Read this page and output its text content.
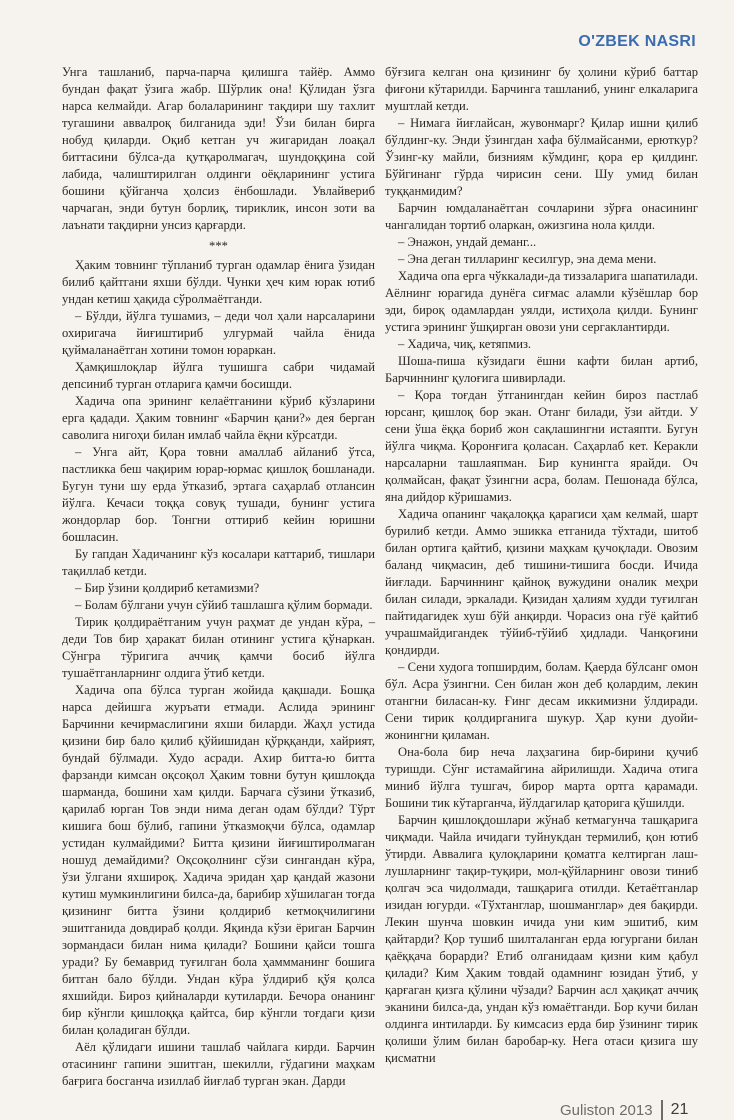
O'ZBEK NASRI

Унга ташланиб, парча-парча қилишга тайёр. Аммо бундан фақат ўзига жабр. Шўрлик она! Қўлидан ўзга нарса келмайди. Агар болаларининг тақдири шу тахлит тугашини аввалроқ билганида эди! Ўзи билан бирга нобуд қиларди. Оқиб кетган уч жигаридан лоақал биттасини бўлса-да қутқаролмагач, шундоққина сой лабида, чалиштирилган олдинги оёқларининг устига бошини қўйганча ҳолсиз ёнбошлади. Увлайвериб чарчаган, энди бутун борлиқ, тириклик, инсон зоти ва лаънати тақдирни унсиз қарғарди.

***

Ҳаким товнинг тўпланиб турган одамлар ёнига ўзидан билиб қайтгани яхши бўлди. Чунки ҳеч ким юрак ютиб ундан кетиш ҳақида сўролмаётганди.

– Бўлди, йўлга тушамиз, – деди чол ҳали нарсаларини охиригача йиғиштириб улгурмай чайла ёнида қуймаланаётган хотини томон юраркан.

Ҳамқишлоқлар йўлга тушишга сабри чидамай депсиниб турган отларига қамчи босишди.

Хадича опа эрининг келаётганини кўриб кўзларини ерга қадади. Ҳаким товнинг «Барчин қани?» дея берган саволига нигоҳи билан имлаб чайла ёқни кўрсатди.

– Унга айт, Қора товни амаллаб айланиб ўтса, пастликка беш чақирим юрар-юрмас қишлоқ бошланади. Бугун туни шу ерда ўтказиб, эртага саҳарлаб отлансин йўлга. Кечаси тоққа совуқ тушади, бунинг устига жондорлар бор. Тонгни оттириб кейин юришни бошласин.

Бу гапдан Хадичанинг кўз косалари каттариб, тишлари тақиллаб кетди.

– Бир ўзини қолдириб кетамизми?

– Болам бўлгани учун сўйиб ташлашга қўлим бормади.

Тирик қолдираётганим учун раҳмат де ундан кўра, – деди Тов бир ҳаракат билан отининг устига қўнаркан. Сўнгра тўригига аччиқ қамчи босиб йўлга тушаётганларнинг олдига ўтиб кетди.

Хадича опа бўлса турган жойида қақшади. Бошқа нарса дейишга журъати етмади. Аслида эрининг Барчинни кечирмаслигини яхши биларди. Жаҳл устида қизини бир бало қилиб қўйишидан қўрққанди, хайрият, бундай бўлмади. Худо асради. Ахир битта-ю битта фарзанди кимсан оқсоқол Ҳаким товни бутун қишлоқда шарманда, бошини хам қилди. Барчага сўзини ўтказиб, қарилаб юрган Тов энди нима деган одам бўлди? Тўрт кишига бош бўлиб, гапини ўтказмоқчи бўлса, одамлар устидан кулмайдими? Битта қизини йиғиштиролмаган ношуд демайдими? Оқсоқолнинг сўзи сингандан кўра, ўзи ўлгани яхшироқ. Хадича эридан ҳар қандай жазони кутиш мумкинлигини билса-да, барибир хўшилаган тоғда қизининг битта ўзини қолдириб кетмоқчилигини эшитганида довдираб қолди. Яқинда кўзи ёриган Барчин зормандаси билан нима қилади? Бошини қайси тошга уради? Бу бемаврид туғилган бола ҳаммманинг бошига битган бало бўлди. Ундан кўра ўлдириб қўя қолса яхшийди. Бироз қийналарди кутиларди. Бечора онанинг бир кўнгли қишлоққа қайтса, бир кўнгли тоғдаги қизи билан қоладиган бўлди.

Аёл қўлидаги ишини ташлаб чайлага кирди. Барчин отасининг гапини эшитган, шекилли, гўдагини маҳкам бағрига босганча изиллаб йиғлаб турган экан. Дарди

бўғзига келган она қизининг бу ҳолини кўриб баттар фиғони кўтарилди. Барчинга ташланиб, унинг елкаларига муштлай кетди.

– Нимага йиғлайсан, жувонмарг? Қилар ишни қилиб бўлдинг-ку. Энди ўзингдан хафа бўлмайсанми, ерюткур? Ўзинг-ку майли, бизниям кўмдинг, қора ер қилдинг. Бўйгинанг гўрда чирисин сени. Шу умид билан туққанмидим?

Барчин юмдаланаётган сочларини зўрға онасининг чангалидан тортиб оларкан, ожизгина нола қилди.

– Энажон, ундай деманг...

– Эна деган тилларинг кесилгур, эна дема мени.

Хадича опа ерга чўккалади-да тиззаларига шапатилади. Аёлнинг юрагида дунёга сиғмас аламли кўзёшлар бор эди, бироқ одамлардан уялди, истиҳола қилди. Бунинг устига эрининг ўшқирган овози уни сергаклантирди.

– Хадича, чиқ, кетяпмиз.

Шоша-пиша кўзидаги ёшни кафти билан артиб, Барчиннинг қулоғига шивирлади.

– Қора тоғдан ўтганингдан кейин бироз пастлаб юрсанг, қишлоқ бор экан. Отанг билади, ўзи айтди. У сени ўша ёққа бориб жон сақлашингни истаяпти. Бугун йўлга чиқма. Қоронғига қоласан. Саҳарлаб кет. Керакли нарсаларни ташлаяпман. Бир кунингга ярайди. Оч қолмайсан, фақат ўзингни асра, болам. Пешонада бўлса, яна дийдор кўришамиз.

Хадича опанинг чақалоққа қарагиси ҳам келмай, шарт бурилиб кетди. Аммо эшикка етганида тўхтади, шитоб билан ортига қайтиб, қизини маҳкам қучоқлади. Овозим баланд чиқмасин, деб тишини-тишига босди. Ичида йиғлади. Барчиннинг қайноқ вужудини оналик меҳри билан силади, эркалади. Қизидан ҳалиям худди туғилган пайтидагидек хуш бўй анқирди. Чорасиз она гўё қайтиб учрашмайдигандек тўйиб-тўйиб ҳидлади. Чанқоғини қондирди.

– Сени худога топширдим, болам. Қаерда бўлсанг омон бўл. Асра ўзингни. Сен билан жон деб қолардим, лекин отангни биласан-ку. Ғинг десам иккимизни ўлдиради. Сени тирик қолдирганига шукур. Ҳар куни дуойи-жонингни қиламан.

Она-бола бир неча лаҳзагина бир-бирини қучиб туришди. Сўнг истамайгина айрилишди. Хадича отига миниб йўлга тушгач, бирор марта ортга қарамади. Бошини тик кўтарганча, йўлдагилар қаторига қўшилди.

Барчин қишлоқдошлари жўнаб кетмагунча ташқарига чиқмади. Чайла ичидаги туйнукдан термилиб, қон ютиб ўтирди. Аввалига қулоқларини қоматга келтирган лаш-лушларнинг тақир-туқири, мол-қўйларнинг овози тиниб қолгач эса чидолмади, ташқарига отилди. Кетаётганлар изидан югурди. «Тўхтанглар, шошманглар» дея бақирди. Лекин шунча шовкин ичида уни ким эшитиб, ким қайтарди? Қор тушиб шилталанган ерда югургани билан қаёққача борарди? Етиб олганидаам қизни ким қабул қилади? Ким Ҳаким товдай одамнинг юзидан ўтиб, у қарғаган қизга қўлини чўзади? Барчин асл ҳақиқат аччиқ эканини билса-да, ундан кўз юмаётганди. Бор кучи билан олдинга интиларди. Бу кимсасиз ерда бир ўзининг тирик қолиши ўлим билан баробар-ку. Нега отаси қизига шу қисматни

Guliston 2013 21
